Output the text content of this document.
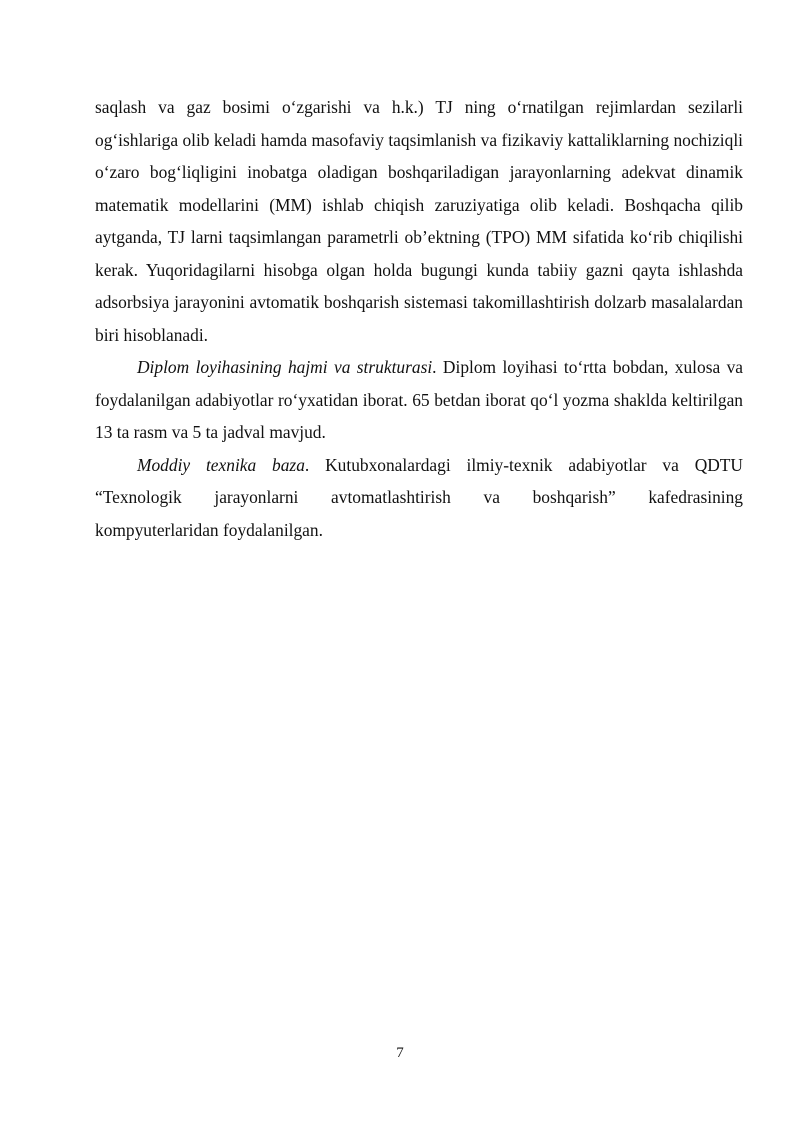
saqlash va gaz bosimi o‘zgarishi va h.k.) TJ ning o‘rnatilgan rejimlardan sezilarli og‘ishlariga olib keladi hamda masofaviy taqsimlanish va fizikaviy kattaliklarning nochiziqli o‘zaro bog‘liqligini inobatga oladigan boshqariladigan jarayonlarning adekvat dinamik matematik modellarini (MM) ishlab chiqish zaruziyatiga olib keladi. Boshqacha qilib aytganda, TJ larni taqsimlangan parametrli ob’ektning (TPO) MM sifatida ko‘rib chiqilishi kerak. Yuqoridagilarni hisobga olgan holda bugungi kunda tabiiy gazni qayta ishlashda adsorbsiya jarayonini avtomatik boshqarish sistemasi takomillashtirish dolzarb masalalardan biri hisoblanadi.

Diplom loyihasining hajmi va strukturasi. Diplom loyihasi to‘rtta bobdan, xulosa va foydalanilgan adabiyotlar ro‘yxatidan iborat. 65 betdan iborat qo‘l yozma shaklda keltirilgan 13 ta rasm va 5 ta jadval mavjud.

Moddiy texnika baza. Kutubxonalardagi ilmiy-texnik adabiyotlar va QDTU “Texnologik jarayonlarni avtomatlashtirish va boshqarish” kafedrasining

kompyuterlaridan foydalanilgan.

7
